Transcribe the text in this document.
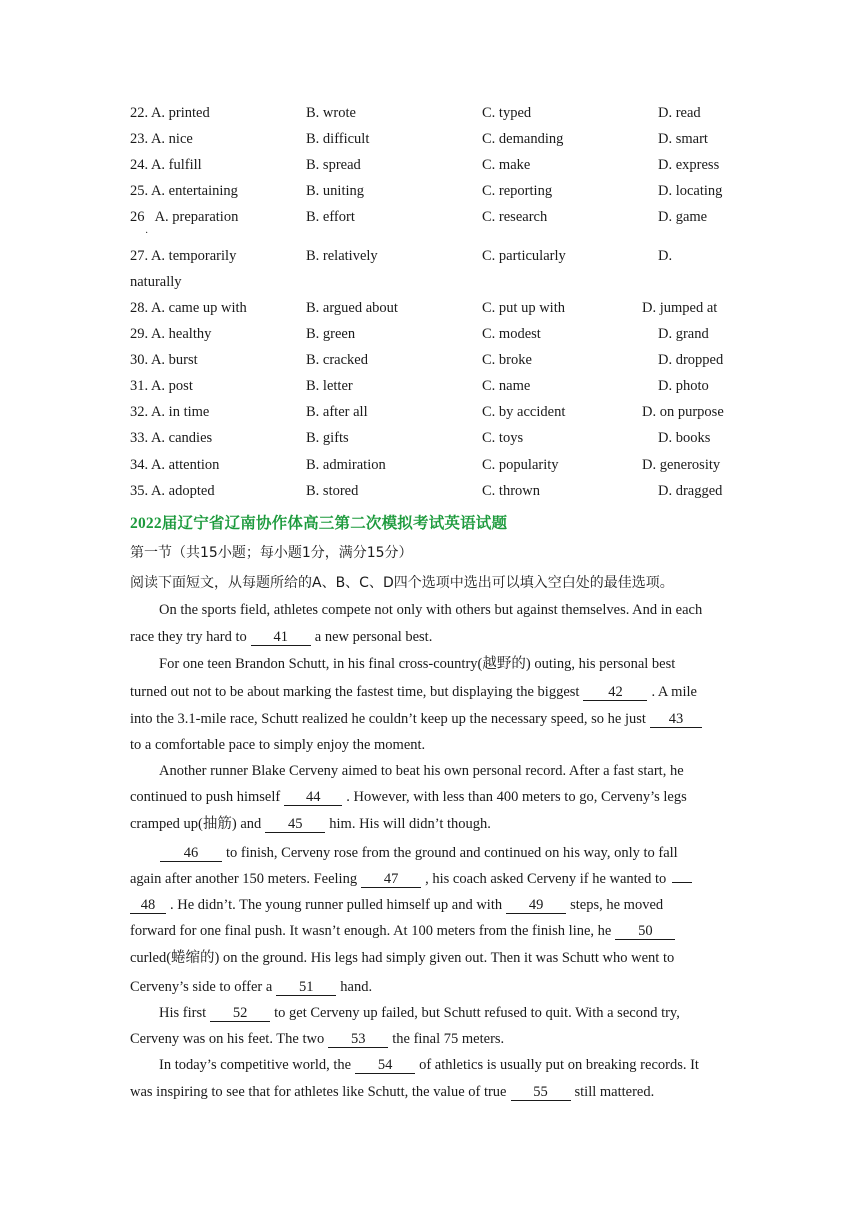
22. A. printed	B. wrote	C. typed	D. read
23. A. nice	B. difficult	C. demanding	D. smart
24. A. fulfill	B. spread	C. make	D. express
25. A. entertaining	B. uniting	C. reporting	D. locating
26   A. preparation	B. effort	C. research	D. game
·
27. A. temporarily	B. relatively	C. particularly	D.
naturally
28. A. came up with	B. argued about	C. put up with	D. jumped at
29. A. healthy	B. green	C. modest	D. grand
30. A. burst	B. cracked	C. broke	D. dropped
31. A. post	B. letter	C. name	D. photo
32. A. in time	B. after all	C. by accident	D. on purpose
33. A. candies	B. gifts	C. toys	D. books
34. A. attention	B. admiration	C. popularity	D. generosity
35. A. adopted	B. stored	C. thrown	D. dragged
2022届辽宁省辽南协作体高三第二次模拟考试英语试题
第一节（共15小题；每小题1分，满分15分）
阅读下面短文，从每题所给的A、B、C、D四个选项中选出可以填入空白处的最佳选项。
On the sports field, athletes compete not only with others but against themselves. And in each
race they try hard to 41 a new personal best.
For one teen Brandon Schutt, in his final cross-country(越野的) outing, his personal best
turned out not to be about marking the fastest time, but displaying the biggest 42 . A mile
into the 3.1-mile race, Schutt realized he couldn’t keep up the necessary speed, so he just 43
to a comfortable pace to simply enjoy the moment.
Another runner Blake Cerveny aimed to beat his own personal record. After a fast start, he
continued to push himself 44 . However, with less than 400 meters to go, Cerveny’s legs
cramped up(抽筋) and 45 him. His will didn’t though.
46 to finish, Cerveny rose from the ground and continued on his way, only to fall
again after another 150 meters. Feeling 47 , his coach asked Cerveny if he wanted to
48 . He didn’t. The young runner pulled himself up and with 49 steps, he moved
forward for one final push. It wasn’t enough. At 100 meters from the finish line, he 50
curled(蜷缩的) on the ground. His legs had simply given out. Then it was Schutt who went to
Cerveny’s side to offer a 51 hand.
His first 52 to get Cerveny up failed, but Schutt refused to quit. With a second try,
Cerveny was on his feet. The two 53 the final 75 meters.
In today’s competitive world, the 54 of athletics is usually put on breaking records. It
was inspiring to see that for athletes like Schutt, the value of true 55 still mattered.
